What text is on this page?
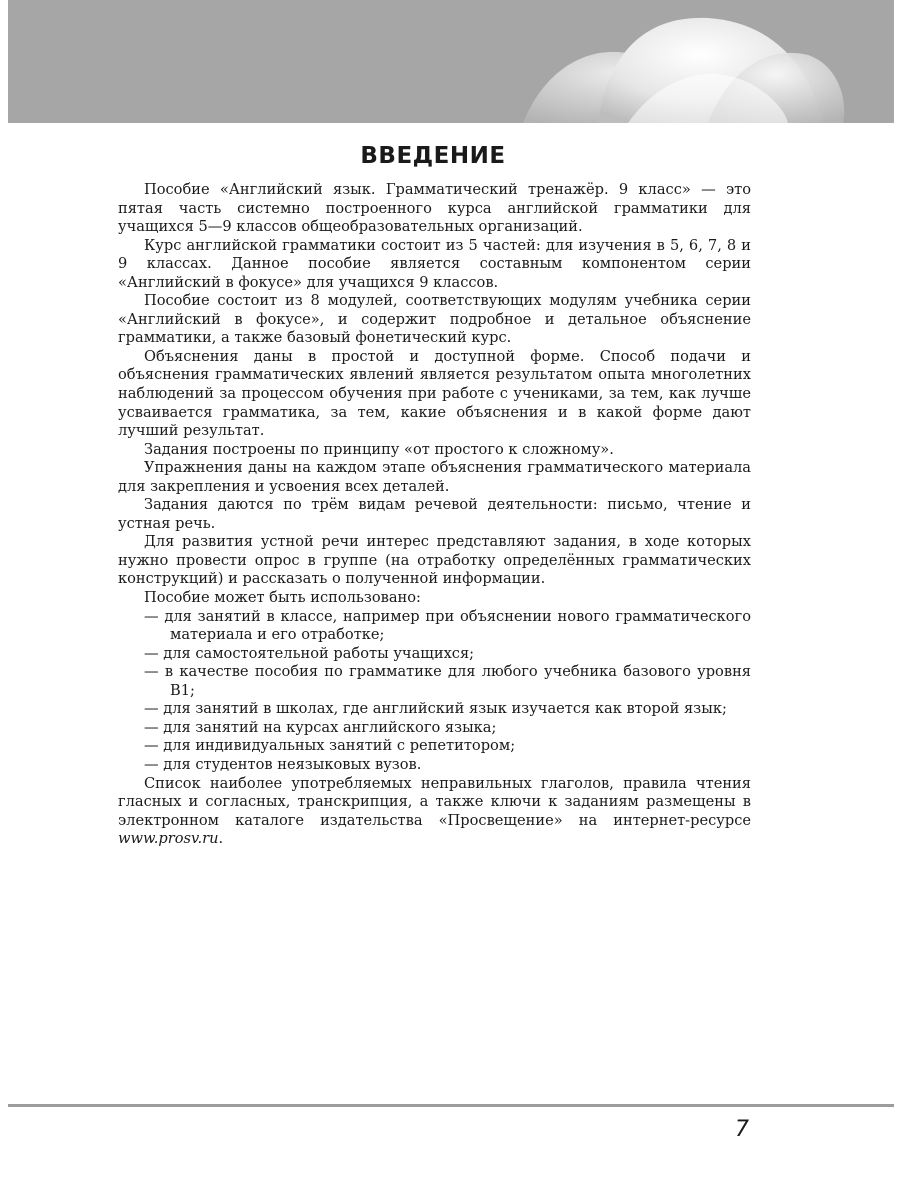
ВВЕДЕНИЕ

Пособие «Английский язык. Грамматический тренажёр. 9 класс» — это пятая часть системно построенного курса английской грамматики для учащихся 5—9 классов общеобразовательных организаций.

Курс английской грамматики состоит из 5 частей: для изучения в 5, 6, 7, 8 и 9 классах. Данное пособие является составным компонентом серии «Английский в фокусе» для учащихся 9 классов.

Пособие состоит из 8 модулей, соответствующих модулям учебника серии «Английский в фокусе», и содержит подробное и детальное объяснение грамматики, а также базовый фонетический курс.

Объяснения даны в простой и доступной форме. Способ подачи и объяснения грамматических явлений является результатом опыта многолетних наблюдений за процессом обучения при работе с учениками, за тем, как лучше усваивается грамматика, за тем, какие объяснения и в какой форме дают лучший результат.

Задания построены по принципу «от простого к сложному».

Упражнения даны на каждом этапе объяснения грамматического материала для закрепления и усвоения всех деталей.

Задания даются по трём видам речевой деятельности: письмо, чтение и устная речь.

Для развития устной речи интерес представляют задания, в ходе которых нужно провести опрос в группе (на отработку определённых грамматических конструкций) и рассказать о полученной информации.

Пособие может быть использовано:

— для занятий в классе, например при объяснении нового грамматического материала и его отработке;
— для самостоятельной работы учащихся;
— в качестве пособия по грамматике для любого учебника базового уровня B1;
— для занятий в школах, где английский язык изучается как второй язык;
— для занятий на курсах английского языка;
— для индивидуальных занятий с репетитором;
— для студентов неязыковых вузов.

Список наиболее употребляемых неправильных глаголов, правила чтения гласных и согласных, транскрипция, а также ключи к заданиям размещены в электронном каталоге издательства «Просвещение» на интернет-ресурсе www.prosv.ru.

7
